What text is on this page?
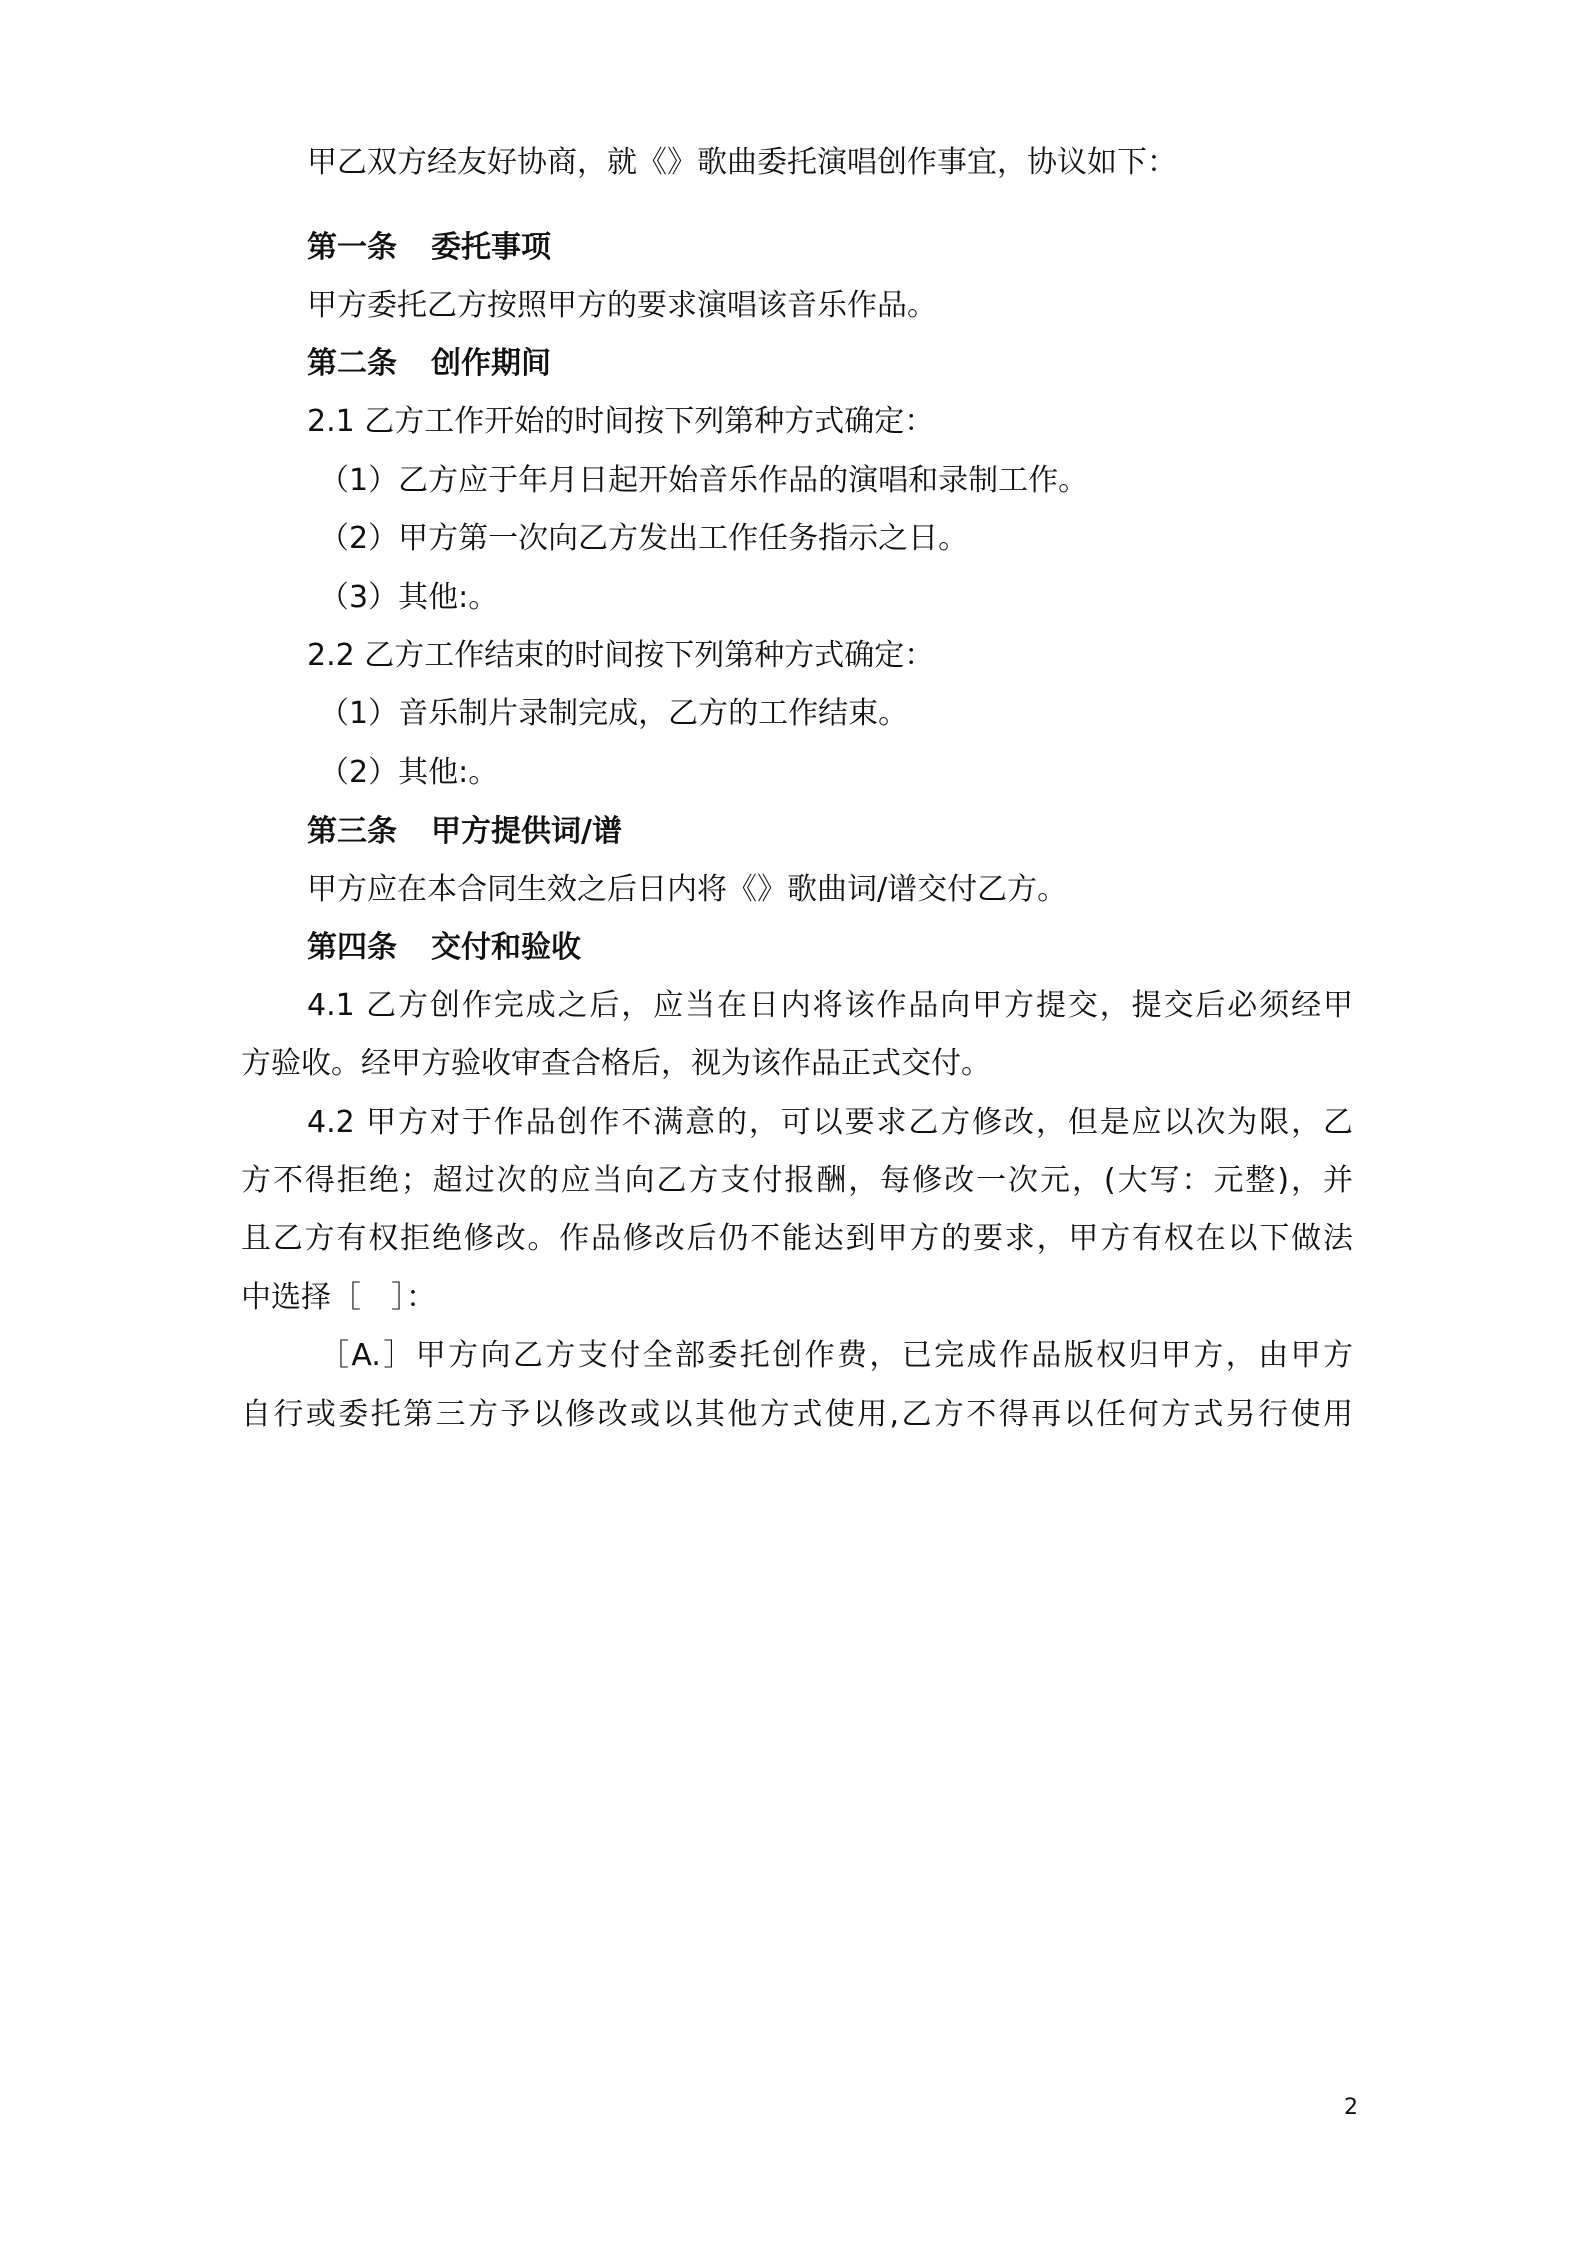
甲乙双方经友好协商，就《》歌曲委托演唱创作事宜，协议如下：
第一条 委托事项
甲方委托乙方按照甲方的要求演唱该音乐作品。
第二条 创作期间
2.1 乙方工作开始的时间按下列第种方式确定：
（1）乙方应于年月日起开始音乐作品的演唱和录制工作。
（2）甲方第一次向乙方发出工作任务指示之日。
（3）其他:。
2.2 乙方工作结束的时间按下列第种方式确定：
（1）音乐制片录制完成，乙方的工作结束。
（2）其他:。
第三条 甲方提供词/谱
甲方应在本合同生效之后日内将《》歌曲词/谱交付乙方。
第四条 交付和验收
4.1 乙方创作完成之后，应当在日内将该作品向甲方提交，提交后必须经甲
方验收。经甲方验收审查合格后，视为该作品正式交付。
4.2 甲方对于作品创作不满意的，可以要求乙方修改，但是应以次为限，乙
方不得拒绝；超过次的应当向乙方支付报酬，每修改一次元，(大写：元整)，并
且乙方有权拒绝修改。作品修改后仍不能达到甲方的要求，甲方有权在以下做法
中选择［　］：
［A.］甲方向乙方支付全部委托创作费，已完成作品版权归甲方，由甲方
自行或委托第三方予以修改或以其他方式使用,乙方不得再以任何方式另行使用
2
